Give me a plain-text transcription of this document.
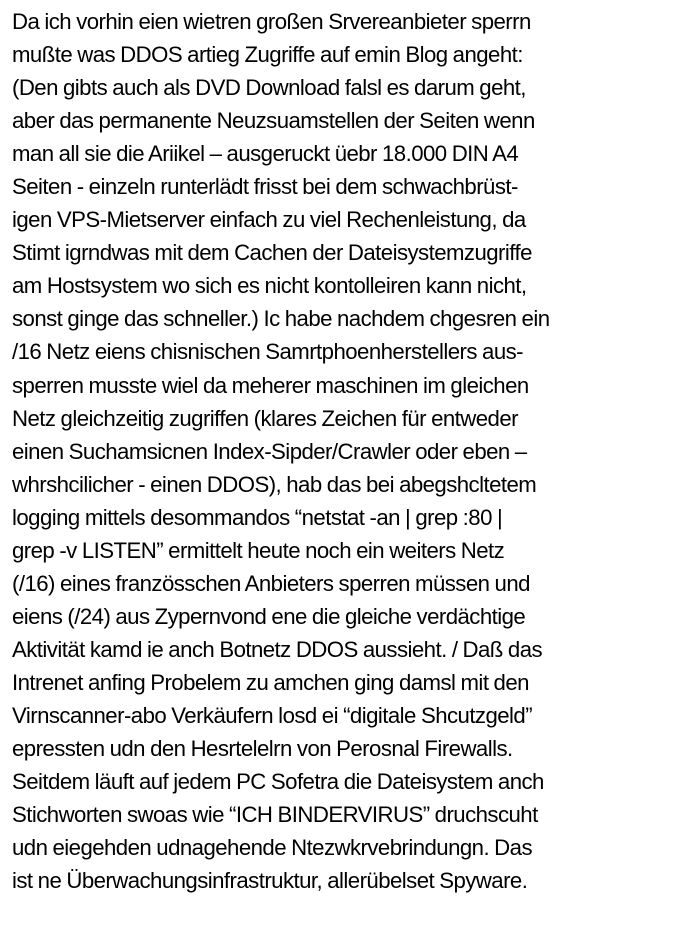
Da ich vorhin eien wietren großen Srvereanbieter sperrn
mußte was DDOS artieg Zugriffe auf emin Blog angeht:
(Den gibts auch als DVD Download falsl es darum geht,
aber das permanente Neuzsuamstellen der Seiten wenn
man all sie die Ariikel – ausgeruckt üebr 18.000 DIN A4
Seiten - einzeln runterlädt frisst bei dem schwachbrüst-
igen VPS-Mietserver einfach zu viel Rechenleistung, da
Stimt igrndwas mit dem Cachen der Dateisystemzugriffe
am Hostsystem wo sich es nicht kontolleiren kann nicht,
sonst ginge das schneller.) Ic habe nachdem chgesren ein
/16 Netz eiens chisnischen Samrtphoenherstellers aus-
sperren musste wiel da meherer maschinen im gleichen
Netz gleichzeitig zugriffen (klares Zeichen für entweder
einen Suchamsicnen Index-Sipder/Crawler oder eben –
whrshcilicher - einen DDOS), hab das bei abegshcltetem
logging mittels desommandos “netstat -an | grep :80 |
grep -v LISTEN” ermittelt heute noch ein weiters Netz
(/16) eines französschen Anbieters sperren müssen und
eiens (/24) aus Zypernvond ene die gleiche verdächtige
Aktivität kamd ie anch Botnetz DDOS aussieht. / Daß das
Intrenet anfing Probelem zu amchen ging damsl mit den
Virnscanner-abo Verkäufern losd ei “digitale Shcutzgeld”
epressten udn den Hesrtelelrn von Perosnal Firewalls.
Seitdem läuft auf jedem PC Sofetra die Dateisystem anch
Stichworten swoas wie “ICH BINDERVIRUS” druchscuht
udn eiegehden udnagehende Ntezwkrvebrindungn. Das
ist ne Überwachungsinfrastruktur, allerübelset Spyware.
